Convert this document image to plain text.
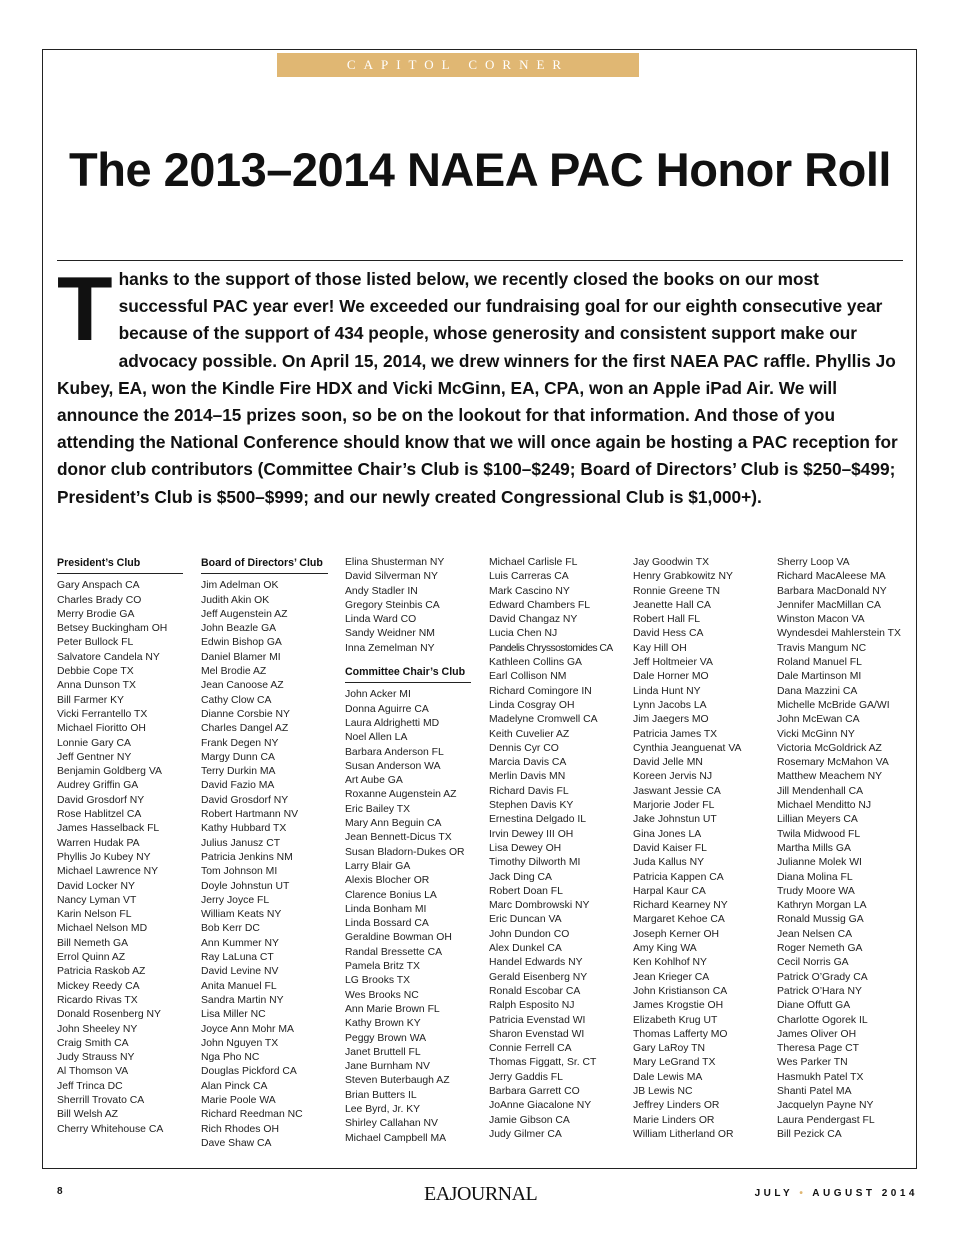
CAPITOL CORNER
The 2013–2014 NAEA PAC Honor Roll

Thanks to the support of those listed below, we recently closed the books on our most successful PAC year ever! We exceeded our fundraising goal for our eighth consecutive year because of the support of 434 people, whose generosity and consistent support make our advocacy possible. On April 15, 2014, we drew winners for the first NAEA PAC raffle. Phyllis Jo Kubey, EA, won the Kindle Fire HDX and Vicki McGinn, EA, CPA, won an Apple iPad Air. We will announce the 2014–15 prizes soon, so be on the lookout for that information. And those of you attending the National Conference should know that we will once again be hosting a PAC reception for donor club contributors (Committee Chair’s Club is $100–$249; Board of Directors’ Club is $250–$499; President’s Club is $500–$999; and our newly created Congressional Club is $1,000+).

President’s Club
Gary Anspach CA
Charles Brady CO
Merry Brodie GA
Betsey Buckingham OH
Peter Bullock FL
Salvatore Candela NY
Debbie Cope TX
Anna Dunson TX
Bill Farmer KY
Vicki Ferrantello TX
Michael Fioritto OH
Lonnie Gary CA
Jeff Gentner NY
Benjamin Goldberg VA
Audrey Griffin GA
David Grosdorf NY
Rose Hablitzel CA
James Hasselback FL
Warren Hudak PA
Phyllis Jo Kubey NY
Michael Lawrence NY
David Locker NY
Nancy Lyman VT
Karin Nelson FL
Michael Nelson MD
Bill Nemeth GA
Errol Quinn AZ
Patricia Raskob AZ
Mickey Reedy CA
Ricardo Rivas TX
Donald Rosenberg NY
John Sheeley NY
Craig Smith CA
Judy Strauss NY
Al Thomson VA
Jeff Trinca DC
Sherrill Trovato CA
Bill Welsh AZ
Cherry Whitehouse CA
Board of Directors’ Club
Jim Adelman OK
Judith Akin OK
Jeff Augenstein AZ
John Beazle GA
Edwin Bishop GA
Daniel Blamer MI
Mel Brodie AZ
Jean Canoose AZ
Cathy Clow CA
Dianne Corsbie NY
Charles Dangel AZ
Frank Degen NY
Margy Dunn CA
Terry Durkin MA
David Fazio MA
David Grosdorf NY
Robert Hartmann NV
Kathy Hubbard TX
Julius Janusz CT
Patricia Jenkins NM
Tom Johnson MI
Doyle Johnstun UT
Jerry Joyce FL
William Keats NY
Bob Kerr DC
Ann Kummer NY
Ray LaLuna CT
David Levine NV
Anita Manuel FL
Sandra Martin NY
Lisa Miller NC
Joyce Ann Mohr MA
John Nguyen TX
Nga Pho NC
Douglas Pickford CA
Alan Pinck CA
Marie Poole WA
Richard Reedman NC
Rich Rhodes OH
Dave Shaw CA
Elina Shusterman NY
David Silverman NY
Andy Stadler IN
Gregory Steinbis CA
Linda Ward CO
Sandy Weidner NM
Inna Zemelman NY
Committee Chair’s Club
John Acker MI
Donna Aguirre CA
Laura Aldrighetti MD
Noel Allen LA
Barbara Anderson FL
Susan Anderson WA
Art Aube GA
Roxanne Augenstein AZ
Eric Bailey TX
Mary Ann Beguin CA
Jean Bennett-Dicus TX
Susan Bladorn-Dukes OR
Larry Blair GA
Alexis Blocher OR
Clarence Bonius LA
Linda Bonham MI
Linda Bossard CA
Geraldine Bowman OH
Randal Bressette CA
Pamela Britz TX
LG Brooks TX
Wes Brooks NC
Ann Marie Brown FL
Kathy Brown KY
Peggy Brown WA
Janet Bruttell FL
Jane Burnham NV
Steven Buterbaugh AZ
Brian Butters IL
Lee Byrd, Jr. KY
Shirley Callahan NV
Michael Campbell MA
Michael Carlisle FL
Luis Carreras CA
Mark Cascino NY
Edward Chambers FL
David Changaz NY
Lucia Chen NJ
Pandelis Chryssostomides CA
Kathleen Collins GA
Earl Collison NM
Richard Comingore IN
Linda Cosgray OH
Madelyne Cromwell CA
Keith Cuvelier AZ
Dennis Cyr CO
Marcia Davis CA
Merlin Davis MN
Richard Davis FL
Stephen Davis KY
Ernestina Delgado IL
Irvin Dewey III OH
Lisa Dewey OH
Timothy Dilworth MI
Jack Ding CA
Robert Doan FL
Marc Dombrowski NY
Eric Duncan VA
John Dundon CO
Alex Dunkel CA
Handel Edwards NY
Gerald Eisenberg NY
Ronald Escobar CA
Ralph Esposito NJ
Patricia Evenstad WI
Sharon Evenstad WI
Connie Ferrell CA
Thomas Figgatt, Sr. CT
Jerry Gaddis FL
Barbara Garrett CO
JoAnne Giacalone NY
Jamie Gibson CA
Judy Gilmer CA
Jay Goodwin TX
Henry Grabkowitz NY
Ronnie Greene TN
Jeanette Hall CA
Robert Hall FL
David Hess CA
Kay Hill OH
Jeff Holtmeier VA
Dale Horner MO
Linda Hunt NY
Lynn Jacobs LA
Jim Jaegers MO
Patricia James TX
Cynthia Jeanguenat VA
David Jelle MN
Koreen Jervis NJ
Jaswant Jessie CA
Marjorie Joder FL
Jake Johnstun UT
Gina Jones LA
David Kaiser FL
Juda Kallus NY
Patricia Kappen CA
Harpal Kaur CA
Richard Kearney NY
Margaret Kehoe CA
Joseph Kerner OH
Amy King WA
Ken Kohlhof NY
Jean Krieger CA
John Kristianson CA
James Krogstie OH
Elizabeth Krug UT
Thomas Lafferty MO
Gary LaRoy TN
Mary LeGrand TX
Dale Lewis MA
JB Lewis NC
Jeffrey Linders OR
Marie Linders OR
William Litherland OR
Sherry Loop VA
Richard MacAleese MA
Barbara MacDonald NY
Jennifer MacMillan CA
Winston Macon VA
Wyndesdei Mahlerstein TX
Travis Mangum NC
Roland Manuel FL
Dale Martinson MI
Dana Mazzini CA
Michelle McBride GA/WI
John McEwan CA
Vicki McGinn NY
Victoria McGoldrick AZ
Rosemary McMahon VA
Matthew Meachem NY
Jill Mendenhall CA
Michael Menditto NJ
Lillian Meyers CA
Twila Midwood FL
Martha Mills GA
Julianne Molek WI
Diana Molina FL
Trudy Moore WA
Kathryn Morgan LA
Ronald Mussig GA
Jean Nelsen CA
Roger Nemeth GA
Cecil Norris GA
Patrick O’Grady CA
Patrick O’Hara NY
Diane Offutt GA
Charlotte Ogorek IL
James Oliver OH
Theresa Page CT
Wes Parker TN
Hasmukh Patel TX
Shanti Patel MA
Jacquelyn Payne NY
Laura Pendergast FL
Bill Pezick CA
8	EAJOURNAL	JULY • AUGUST 2014
